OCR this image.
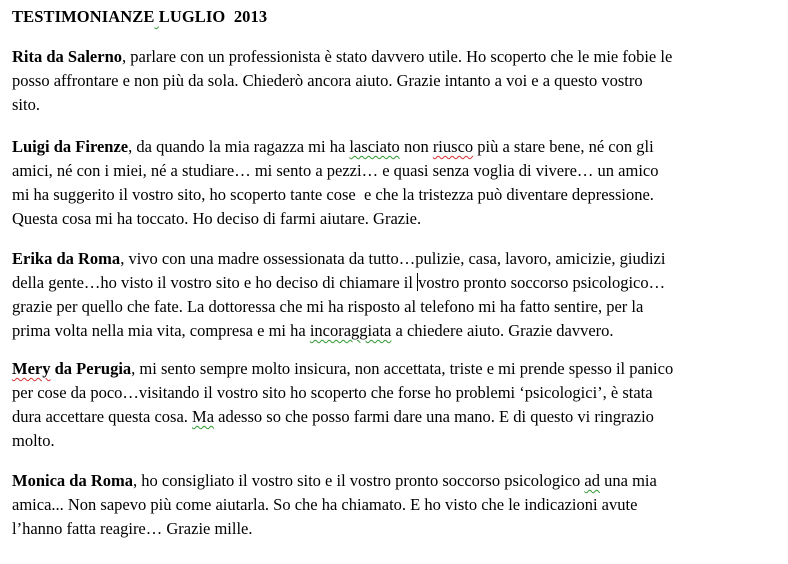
TESTIMONIANZE LUGLIO  2013
Rita da Salerno, parlare con un professionista è stato davvero utile. Ho scoperto che le mie fobie le
posso affrontare e non più da sola. Chiederò ancora aiuto. Grazie intanto a voi e a questo vostro
sito.
Luigi da Firenze, da quando la mia ragazza mi ha lasciato non riusco più a stare bene, né con gli
amici, né con i miei, né a studiare… mi sento a pezzi… e quasi senza voglia di vivere… un amico
mi ha suggerito il vostro sito, ho scoperto tante cose  e che la tristezza può diventare depressione.
Questa cosa mi ha toccato. Ho deciso di farmi aiutare. Grazie.
Erika da Roma, vivo con una madre ossessionata da tutto…pulizie, casa, lavoro, amicizie, giudizi
della gente…ho visto il vostro sito e ho deciso di chiamare il vostro pronto soccorso psicologico…
grazie per quello che fate. La dottoressa che mi ha risposto al telefono mi ha fatto sentire, per la
prima volta nella mia vita, compresa e mi ha incoraggiata a chiedere aiuto. Grazie davvero.
Mery da Perugia, mi sento sempre molto insicura, non accettata, triste e mi prende spesso il panico
per cose da poco…visitando il vostro sito ho scoperto che forse ho problemi ‘psicologici’, è stata
dura accettare questa cosa. Ma adesso so che posso farmi dare una mano. E di questo vi ringrazio
molto.
Monica da Roma, ho consigliato il vostro sito e il vostro pronto soccorso psicologico ad una mia
amica... Non sapevo più come aiutarla. So che ha chiamato. E ho visto che le indicazioni avute
l’hanno fatta reagire… Grazie mille.
